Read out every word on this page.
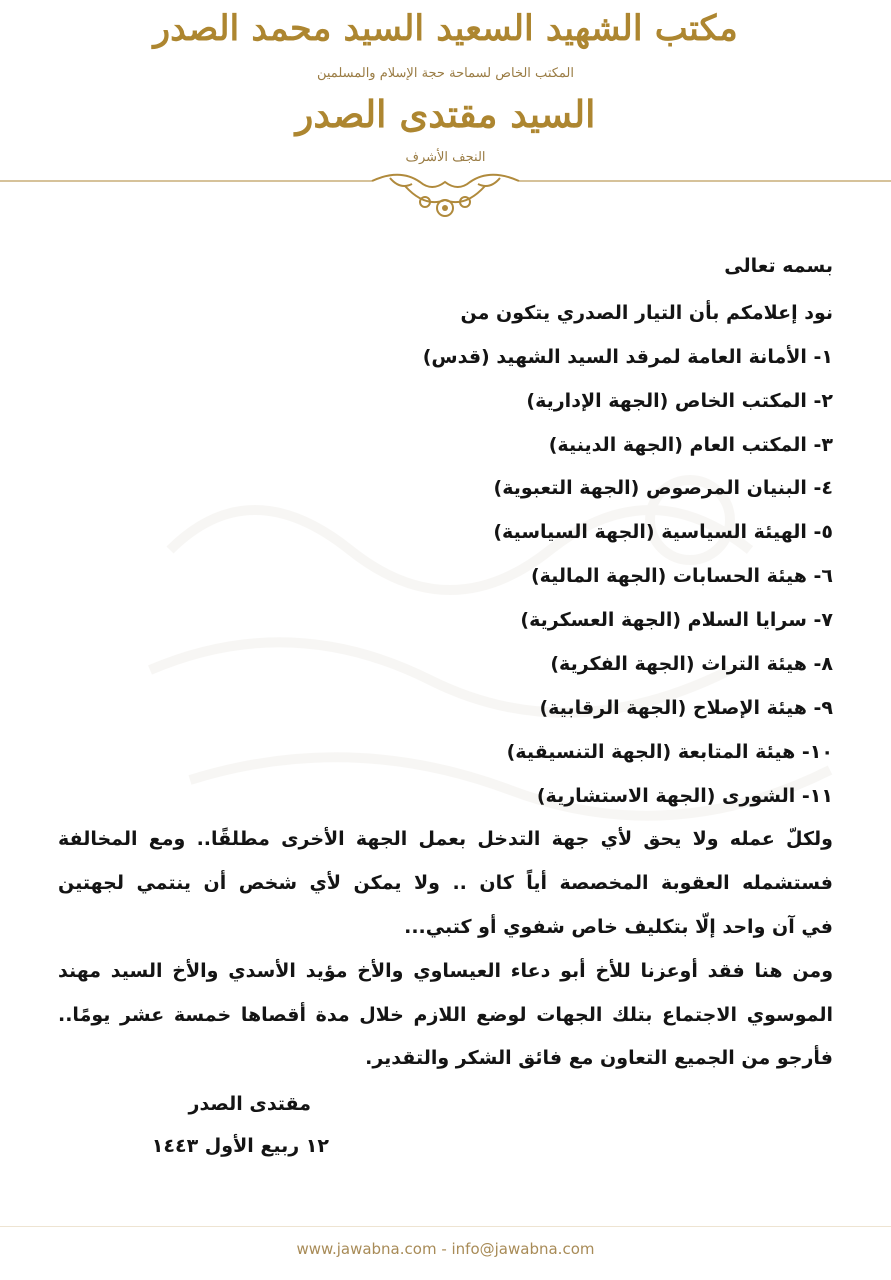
مكتب الشهيد السعيد السيد محمد الصدر
المكتب الخاص لسماحة حجة الإسلام والمسلمين
السيد مقتدى الصدر
النجف الأشرف
بسمه تعالى
نود إعلامكم بأن التيار الصدري يتكون من
١- الأمانة العامة لمرقد السيد الشهيد (قدس)
٢- المكتب الخاص (الجهة الإدارية)
٣- المكتب العام (الجهة الدينية)
٤- البنيان المرصوص (الجهة التعبوية)
٥- الهيئة السياسية (الجهة السياسية)
٦- هيئة الحسابات (الجهة المالية)
٧- سرايا السلام (الجهة العسكرية)
٨- هيئة التراث (الجهة الفكرية)
٩- هيئة الإصلاح (الجهة الرقابية)
١٠- هيئة المتابعة (الجهة التنسيقية)
١١- الشورى (الجهة الاستشارية)
ولكلّ عمله ولا يحق لأي جهة التدخل بعمل الجهة الأخرى مطلقًا.. ومع المخالفة
فستشمله العقوبة المخصصة أياً كان .. ولا يمكن لأي شخص أن ينتمي لجهتين
في آن واحد إلّا بتكليف خاص شفوي أو كتبي...
ومن هنا فقد أوعزنا للأخ أبو دعاء العيساوي والأخ مؤيد الأسدي والأخ السيد مهند
الموسوي الاجتماع بتلك الجهات لوضع اللازم خلال مدة أقصاها خمسة عشر يومًا..
فأرجو من الجميع التعاون مع فائق الشكر والتقدير.
مقتدى الصدر
١٢ ربيع الأول ١٤٤٣
www.jawabna.com - info@jawabna.com
